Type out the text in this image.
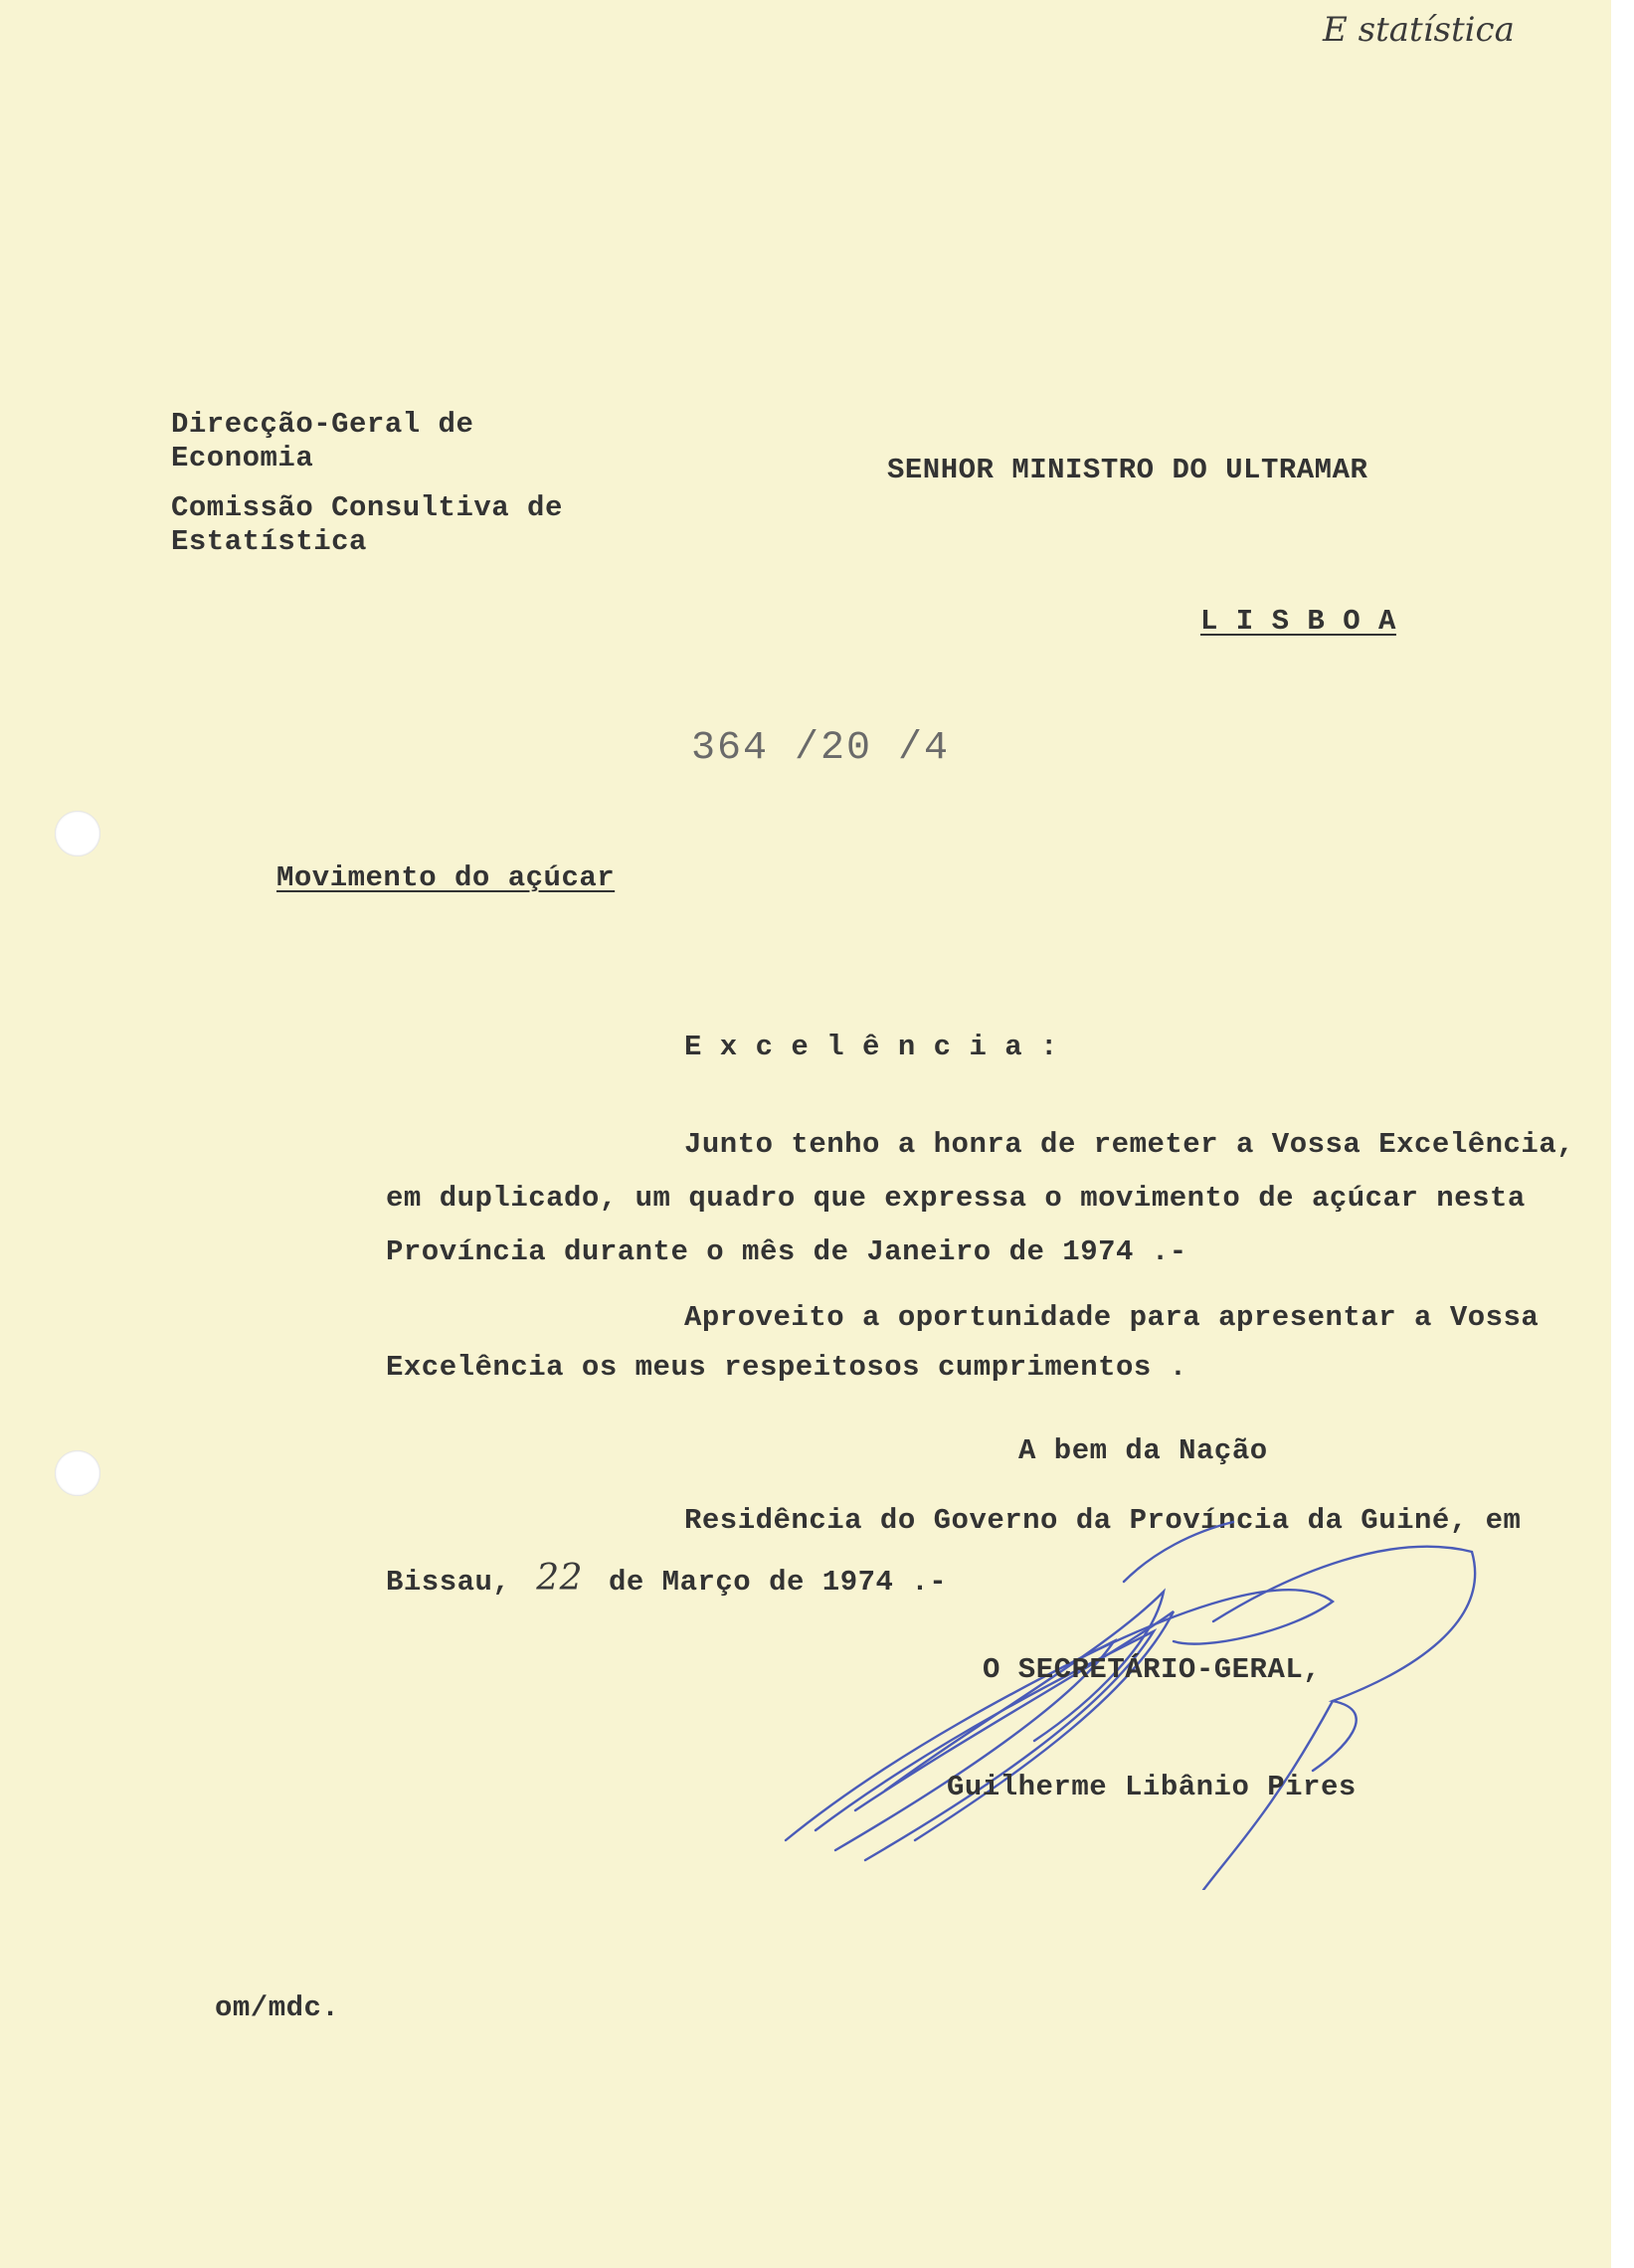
E statística
Direcção-Geral de
Economia
Comissão Consultiva de
Estatística
SENHOR MINISTRO DO ULTRAMAR
L I S B O A
364 /20 /4
Movimento do açúcar
E x c e l ê n c i a :
Junto tenho a honra de remeter a Vossa Excelência,
em duplicado, um quadro que expressa o movimento de açúcar nesta
Província durante o mês de Janeiro de 1974 .-
Aproveito a oportunidade para apresentar a Vossa
Excelência os meus respeitosos cumprimentos .
A bem da Nação
Residência do Governo da Província da Guiné, em
Bissau, 22 de Março de 1974 .-
O SECRETÁRIO-GERAL,
Guilherme Libânio Pires
om/mdc.
